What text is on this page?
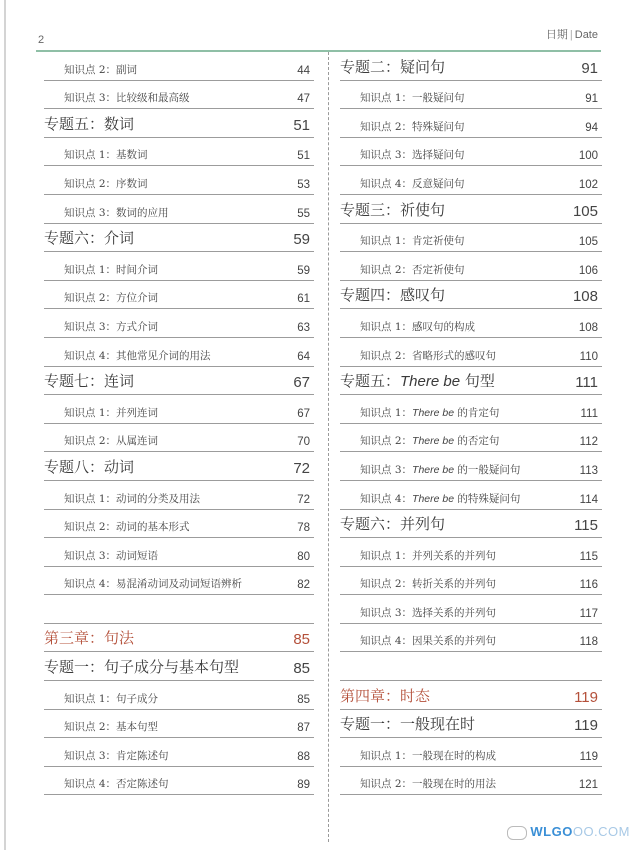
2	日期 | Date
知识点 2：副词	44
知识点 3：比较级和最高级	47
专题五：数词	51
知识点 1：基数词	51
知识点 2：序数词	53
知识点 3：数词的应用	55
专题六：介词	59
知识点 1：时间介词	59
知识点 2：方位介词	61
知识点 3：方式介词	63
知识点 4：其他常见介词的用法	64
专题七：连词	67
知识点 1：并列连词	67
知识点 2：从属连词	70
专题八：动词	72
知识点 1：动词的分类及用法	72
知识点 2：动词的基本形式	78
知识点 3：动词短语	80
知识点 4：易混淆动词及动词短语辨析	82
第三章：句法	85
专题一：句子成分与基本句型	85
知识点 1：句子成分	85
知识点 2：基本句型	87
知识点 3：肯定陈述句	88
知识点 4：否定陈述句	89
专题二：疑问句	91
知识点 1：一般疑问句	91
知识点 2：特殊疑问句	94
知识点 3：选择疑问句	100
知识点 4：反意疑问句	102
专题三：祈使句	105
知识点 1：肯定祈使句	105
知识点 2：否定祈使句	106
专题四：感叹句	108
知识点 1：感叹句的构成	108
知识点 2：省略形式的感叹句	110
专题五：There be 句型	111
知识点 1：There be 的肯定句	111
知识点 2：There be 的否定句	112
知识点 3：There be 的一般疑问句	113
知识点 4：There be 的特殊疑问句	114
专题六：并列句	115
知识点 1：并列关系的并列句	115
知识点 2：转折关系的并列句	116
知识点 3：选择关系的并列句	117
知识点 4：因果关系的并列句	118
第四章：时态	119
专题一：一般现在时	119
知识点 1：一般现在时的构成	119
知识点 2：一般现在时的用法	121
WLGOOO.COM
